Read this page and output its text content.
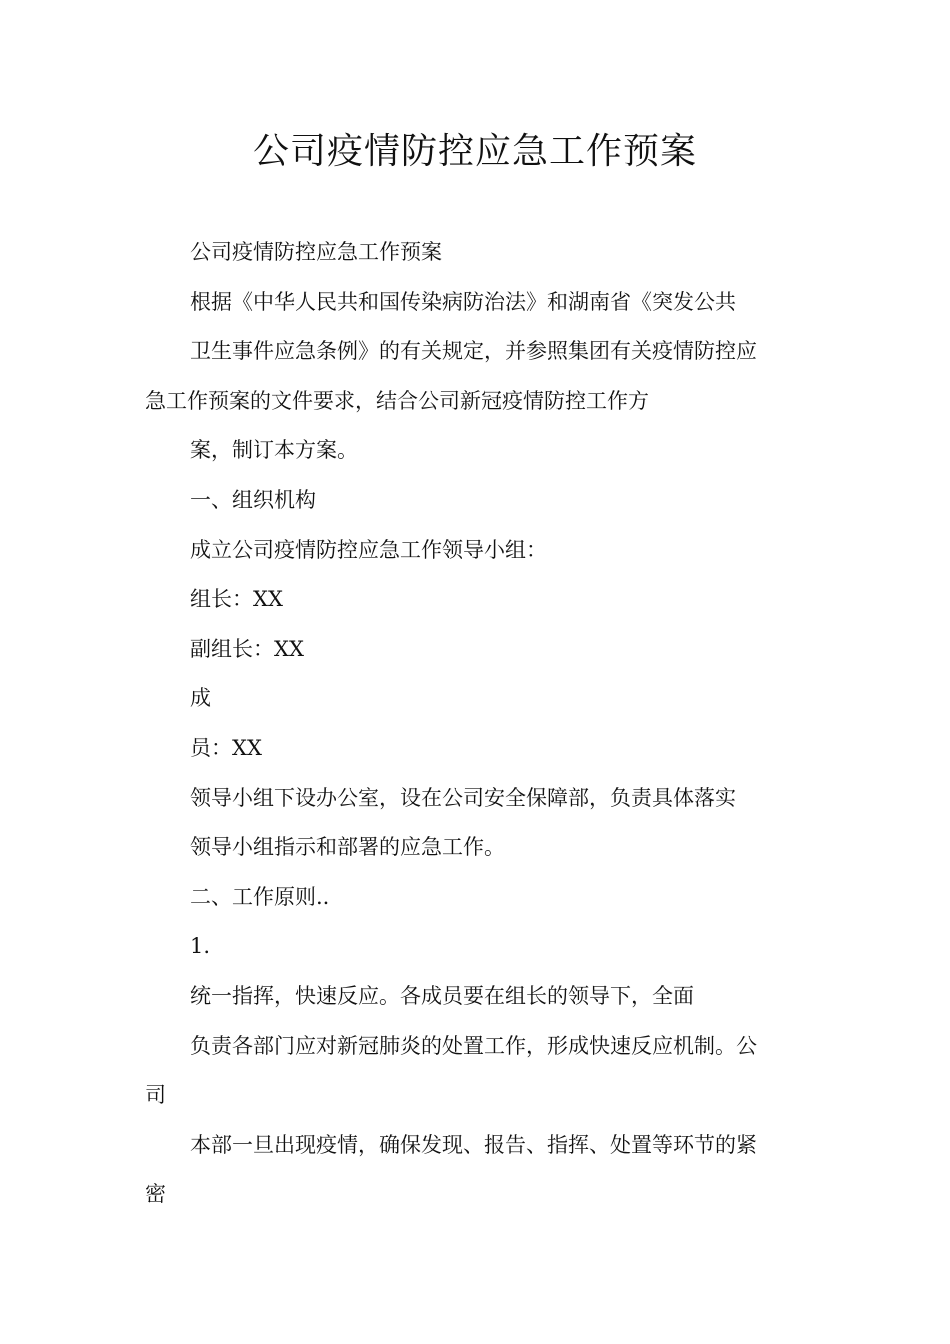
公司疫情防控应急工作预案

公司疫情防控应急工作预案

根据《中华人民共和国传染病防治法》和湖南省《突发公共

卫生事件应急条例》的有关规定，并参照集团有关疫情防控应

急工作预案的文件要求，结合公司新冠疫情防控工作方

案，制订本方案。

一、组织机构

成立公司疫情防控应急工作领导小组：

组长：XX

副组长：XX

成

员：XX

领导小组下设办公室，设在公司安全保障部，负责具体落实

领导小组指示和部署的应急工作。

二、工作原则..

1.

统一指挥，快速反应。各成员要在组长的领导下，全面

负责各部门应对新冠肺炎的处置工作，形成快速反应机制。公

司

本部一旦出现疫情，确保发现、报告、指挥、处置等环节的紧

密
